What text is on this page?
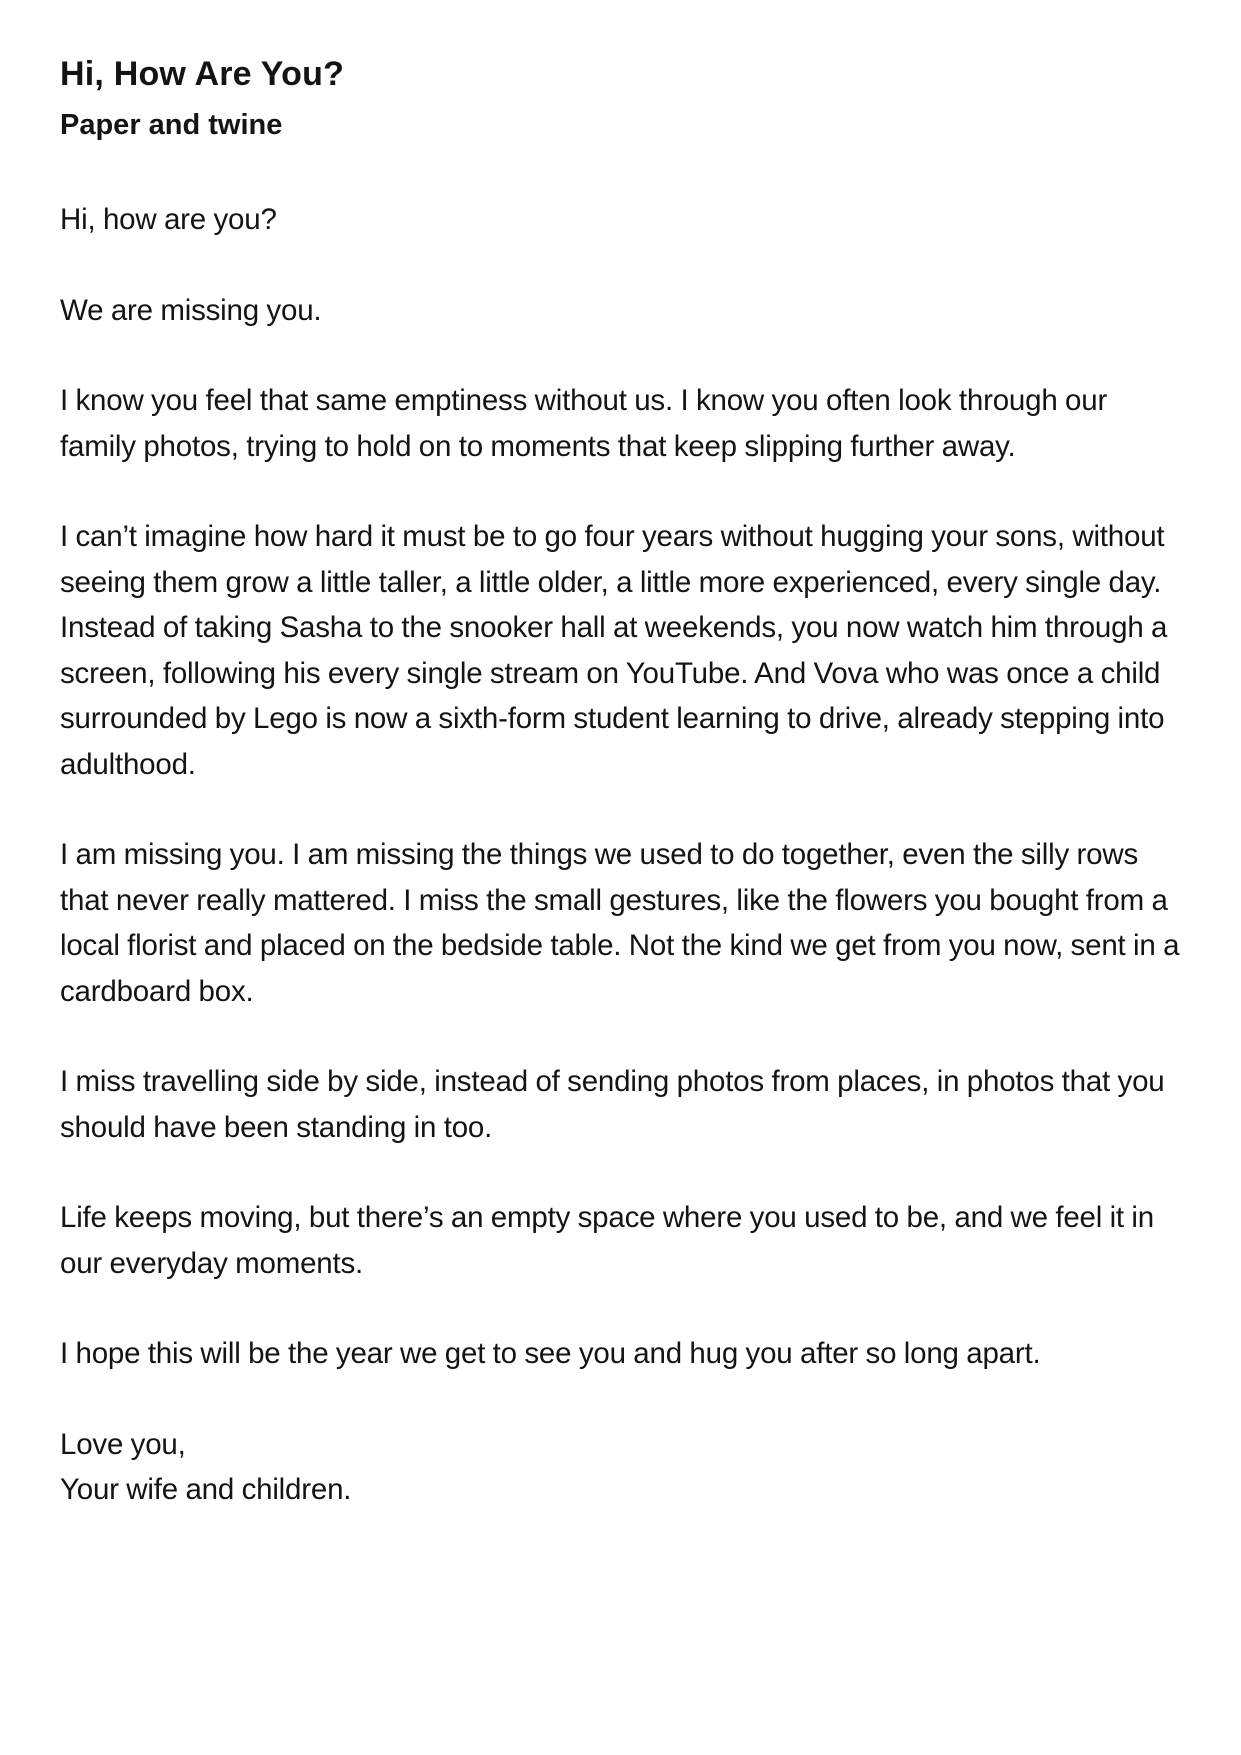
Hi, How Are You?
Paper and twine

Hi, how are you?

We are missing you.

I know you feel that same emptiness without us. I know you often look through our family photos, trying to hold on to moments that keep slipping further away.

I can’t imagine how hard it must be to go four years without hugging your sons, without seeing them grow a little taller, a little older, a little more experienced, every single day. Instead of taking Sasha to the snooker hall at weekends, you now watch him through a screen, following his every single stream on YouTube. And Vova who was once a child surrounded by Lego is now a sixth-form student learning to drive, already stepping into adulthood.

I am missing you. I am missing the things we used to do together, even the silly rows that never really mattered. I miss the small gestures, like the flowers you bought from a local florist and placed on the bedside table. Not the kind we get from you now, sent in a cardboard box.

I miss travelling side by side, instead of sending photos from places, in photos that you should have been standing in too.

Life keeps moving, but there’s an empty space where you used to be, and we feel it in our everyday moments.

I hope this will be the year we get to see you and hug you after so long apart.

Love you,

Your wife and children.
